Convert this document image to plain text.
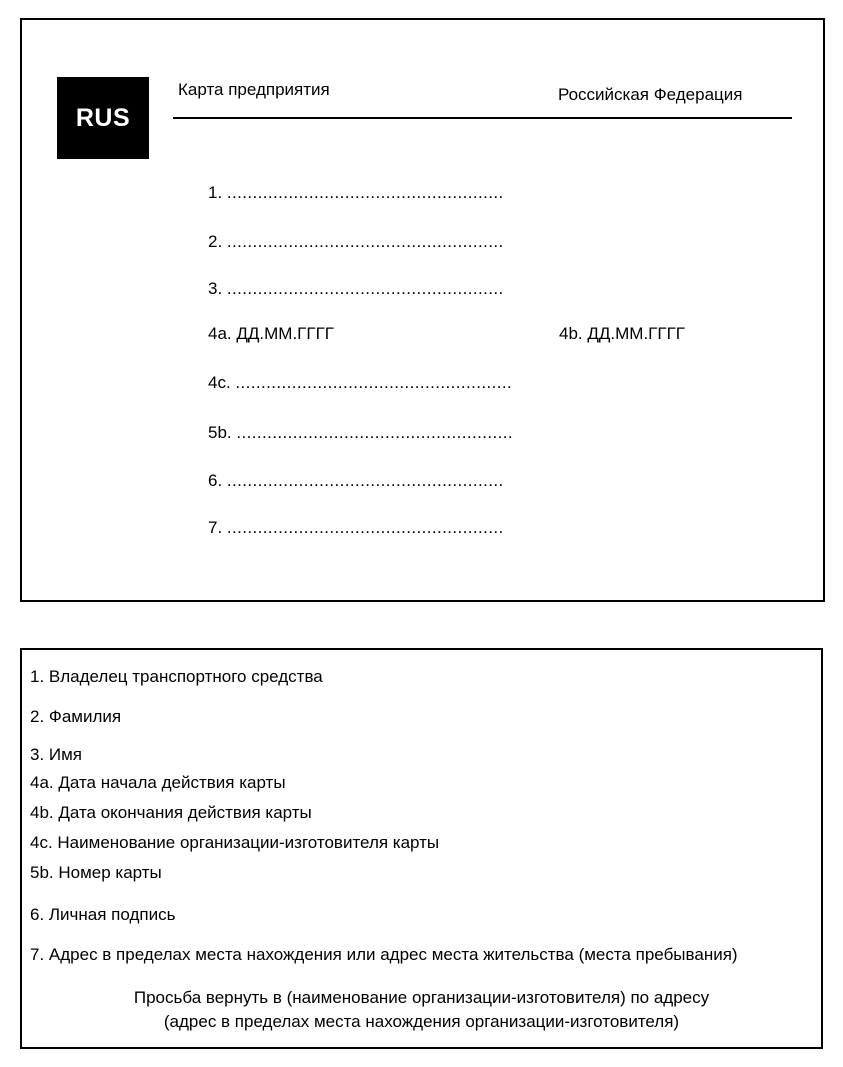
RUS
Карта предприятия	Российская Федерация
1. ......................................................
2. ......................................................
3. ......................................................
4a. ДД.ММ.ГГГГ	4b. ДД.ММ.ГГГГ
4c. ......................................................
5b. ......................................................
6. ......................................................
7. ......................................................
1. Владелец транспортного средства
2. Фамилия
3. Имя
4a. Дата начала действия карты
4b. Дата окончания действия карты
4c. Наименование организации-изготовителя карты
5b. Номер карты
6. Личная подпись
7. Адрес в пределах места нахождения или адрес места жительства (места пребывания)
Просьба вернуть в (наименование организации-изготовителя) по адресу
(адрес в пределах места нахождения организации-изготовителя)
